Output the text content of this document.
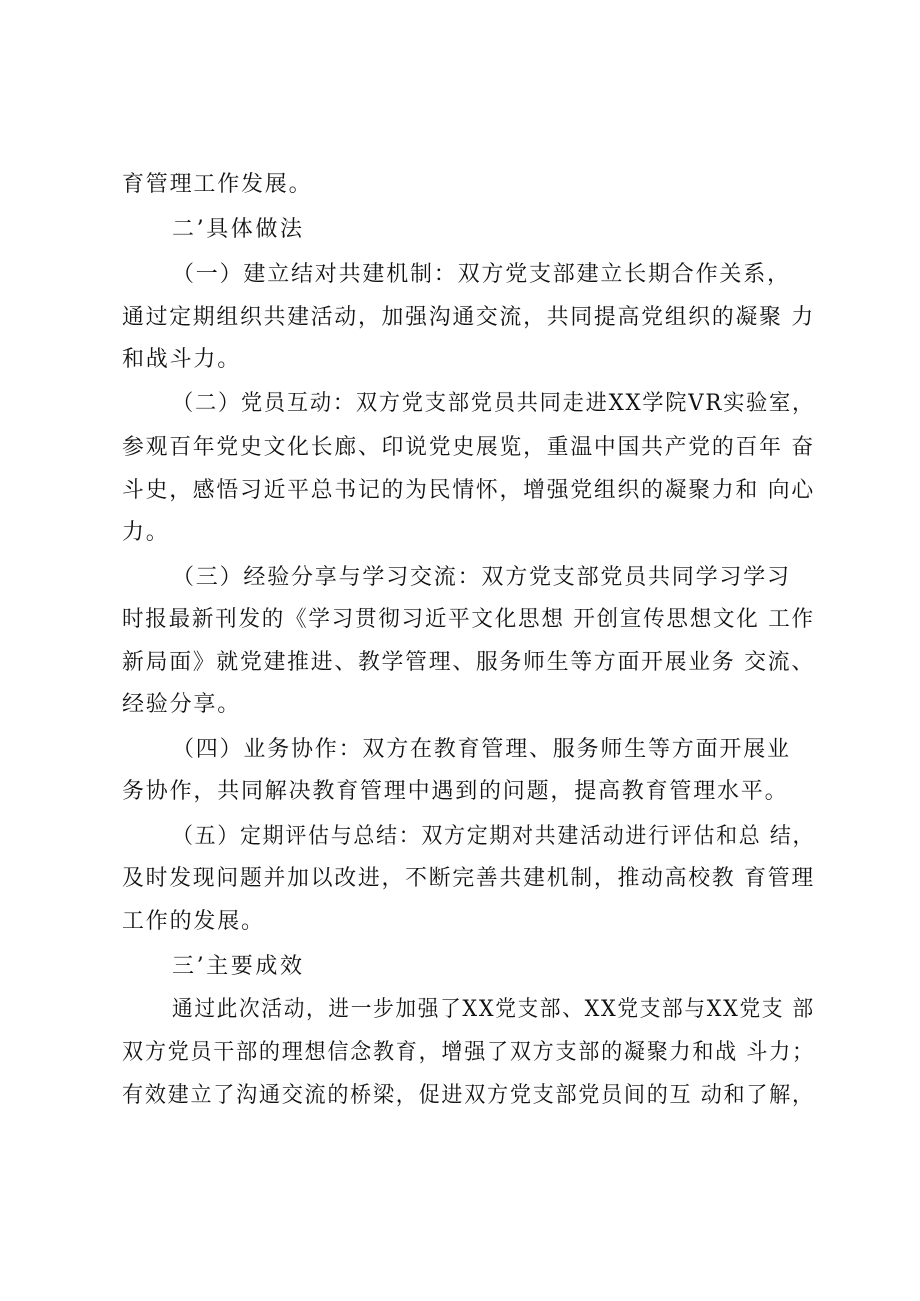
育管理工作发展。
二’具体做法
（一）建立结对共建机制：双方党支部建立长期合作关系，
通过定期组织共建活动，加强沟通交流，共同提高党组织的凝聚 力
和战斗力。
（二）党员互动：双方党支部党员共同走进XX学院VR实验室，
参观百年党史文化长廊、印说党史展览，重温中国共产党的百年 奋
斗史，感悟习近平总书记的为民情怀，增强党组织的凝聚力和 向心
力。
（三）经验分享与学习交流：双方党支部党员共同学习学习
时报最新刊发的《学习贯彻习近平文化思想 开创宣传思想文化 工作
新局面》就党建推进、教学管理、服务师生等方面开展业务 交流、
经验分享。
（四）业务协作：双方在教育管理、服务师生等方面开展业
务协作，共同解决教育管理中遇到的问题，提高教育管理水平。
（五）定期评估与总结：双方定期对共建活动进行评估和总 结，
及时发现问题并加以改进，不断完善共建机制，推动高校教 育管理
工作的发展。
三’主要成效
通过此次活动，进一步加强了XX党支部、XX党支部与XX党支 部
双方党员干部的理想信念教育，增强了双方支部的凝聚力和战 斗力；
有效建立了沟通交流的桥梁，促进双方党支部党员间的互 动和了解，
